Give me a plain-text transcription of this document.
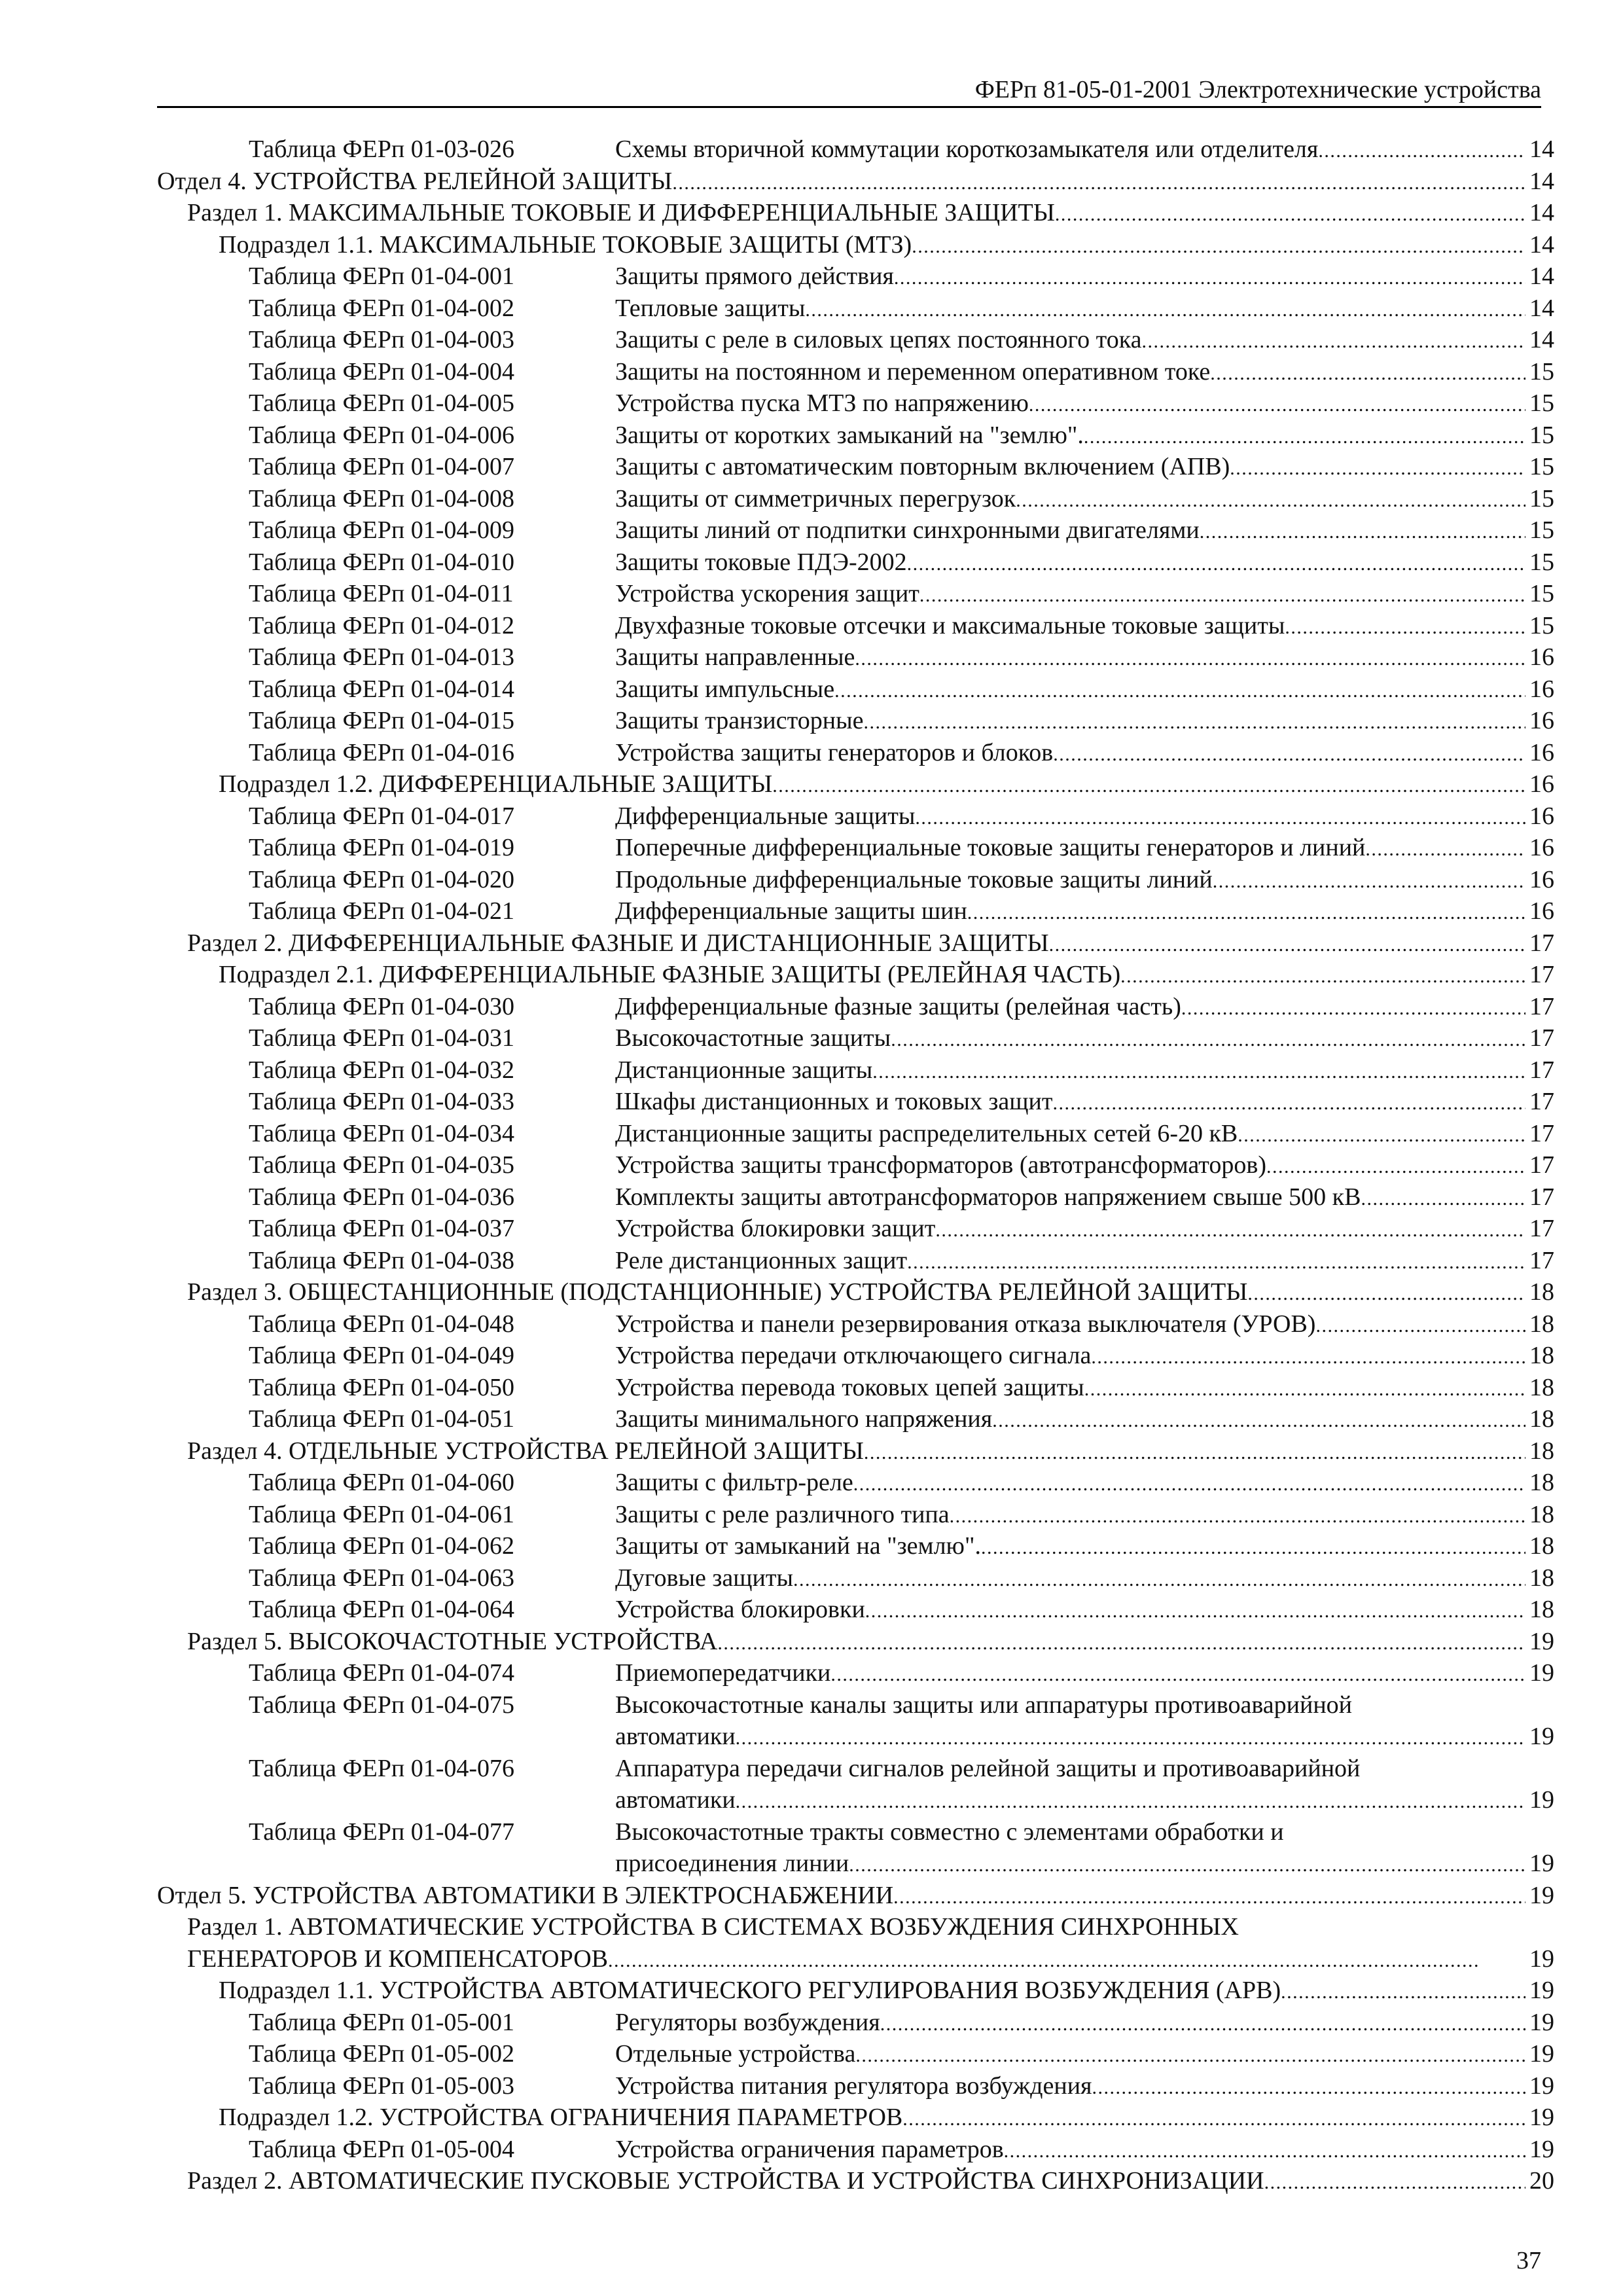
ФЕРп 81-05-01-2001 Электротехнические устройства
Таблица ФЕРп 01-03-026	Схемы вторичной коммутации короткозамыкателя или отделителя . . .	14
Отдел 4. УСТРОЙСТВА РЕЛЕЙНОЙ ЗАЩИТЫ . . .	14
Раздел 1. МАКСИМАЛЬНЫЕ ТОКОВЫЕ И ДИФФЕРЕНЦИАЛЬНЫЕ ЗАЩИТЫ . . .	14
Подраздел 1.1. МАКСИМАЛЬНЫЕ ТОКОВЫЕ ЗАЩИТЫ (МТЗ) . . .	14
Таблица ФЕРп 01-04-001	Защиты прямого действия . . .	14
Таблица ФЕРп 01-04-002	Тепловые защиты . . .	14
Таблица ФЕРп 01-04-003	Защиты с реле в силовых цепях постоянного тока . . .	14
Таблица ФЕРп 01-04-004	Защиты на постоянном и переменном оперативном токе . . .	15
Таблица ФЕРп 01-04-005	Устройства пуска МТЗ по напряжению . . .	15
Таблица ФЕРп 01-04-006	Защиты от коротких замыканий на "землю". . . .	15
Таблица ФЕРп 01-04-007	Защиты с автоматическим повторным включением (АПВ) . . .	15
Таблица ФЕРп 01-04-008	Защиты от симметричных перегрузок . . .	15
Таблица ФЕРп 01-04-009	Защиты линий от подпитки синхронными двигателями . . .	15
Таблица ФЕРп 01-04-010	Защиты токовые ПДЭ-2002 . . .	15
Таблица ФЕРп 01-04-011	Устройства ускорения защит . . .	15
Таблица ФЕРп 01-04-012	Двухфазные токовые отсечки и максимальные токовые защиты . . .	15
Таблица ФЕРп 01-04-013	Защиты направленные . . .	16
Таблица ФЕРп 01-04-014	Защиты импульсные . . .	16
Таблица ФЕРп 01-04-015	Защиты транзисторные . . .	16
Таблица ФЕРп 01-04-016	Устройства защиты генераторов и блоков . . .	16
Подраздел 1.2. ДИФФЕРЕНЦИАЛЬНЫЕ ЗАЩИТЫ . . .	16
Таблица ФЕРп 01-04-017	Дифференциальные защиты . . .	16
Таблица ФЕРп 01-04-019	Поперечные дифференциальные токовые защиты генераторов и линий . . .	16
Таблица ФЕРп 01-04-020	Продольные дифференциальные токовые защиты линий . . .	16
Таблица ФЕРп 01-04-021	Дифференциальные защиты шин . . .	16
Раздел 2. ДИФФЕРЕНЦИАЛЬНЫЕ ФАЗНЫЕ И ДИСТАНЦИОННЫЕ ЗАЩИТЫ . . .	17
Подраздел 2.1. ДИФФЕРЕНЦИАЛЬНЫЕ ФАЗНЫЕ ЗАЩИТЫ (РЕЛЕЙНАЯ ЧАСТЬ) . . .	17
Таблица ФЕРп 01-04-030	Дифференциальные фазные защиты (релейная часть) . . .	17
Таблица ФЕРп 01-04-031	Высокочастотные защиты . . .	17
Таблица ФЕРп 01-04-032	Дистанционные защиты . . .	17
Таблица ФЕРп 01-04-033	Шкафы дистанционных и токовых защит . . .	17
Таблица ФЕРп 01-04-034	Дистанционные защиты распределительных сетей 6-20 кВ . . .	17
Таблица ФЕРп 01-04-035	Устройства защиты трансформаторов (автотрансформаторов) . . .	17
Таблица ФЕРп 01-04-036	Комплекты защиты автотрансформаторов напряжением свыше 500 кВ . . .	17
Таблица ФЕРп 01-04-037	Устройства блокировки защит . . .	17
Таблица ФЕРп 01-04-038	Реле дистанционных защит . . .	17
Раздел 3. ОБЩЕСТАНЦИОННЫЕ (ПОДСТАНЦИОННЫЕ) УСТРОЙСТВА РЕЛЕЙНОЙ ЗАЩИТЫ . . .	18
Таблица ФЕРп 01-04-048	Устройства и панели резервирования отказа выключателя (УРОВ) . . .	18
Таблица ФЕРп 01-04-049	Устройства передачи отключающего сигнала . . .	18
Таблица ФЕРп 01-04-050	Устройства перевода токовых цепей защиты . . .	18
Таблица ФЕРп 01-04-051	Защиты минимального напряжения . . .	18
Раздел 4. ОТДЕЛЬНЫЕ УСТРОЙСТВА РЕЛЕЙНОЙ ЗАЩИТЫ . . .	18
Таблица ФЕРп 01-04-060	Защиты с фильтр-реле . . .	18
Таблица ФЕРп 01-04-061	Защиты с реле различного типа . . .	18
Таблица ФЕРп 01-04-062	Защиты от замыканий на "землю". . . .	18
Таблица ФЕРп 01-04-063	Дуговые защиты . . .	18
Таблица ФЕРп 01-04-064	Устройства блокировки . . .	18
Раздел 5. ВЫСОКОЧАСТОТНЫЕ УСТРОЙСТВА . . .	19
Таблица ФЕРп 01-04-074	Приемопередатчики . . .	19
Таблица ФЕРп 01-04-075	Высокочастотные каналы защиты или аппаратуры противоаварийной
автоматики . . .	19
Таблица ФЕРп 01-04-076	Аппаратура передачи сигналов релейной защиты и противоаварийной
автоматики . . .	19
Таблица ФЕРп 01-04-077	Высокочастотные тракты совместно с элементами обработки и
присоединения линии . . .	19
Отдел 5. УСТРОЙСТВА АВТОМАТИКИ В ЭЛЕКТРОСНАБЖЕНИИ . . .	19
Раздел 1. АВТОМАТИЧЕСКИЕ УСТРОЙСТВА В СИСТЕМАХ ВОЗБУЖДЕНИЯ СИНХРОННЫХ
ГЕНЕРАТОРОВ И КОМПЕНСАТОРОВ . . .	19
Подраздел 1.1. УСТРОЙСТВА АВТОМАТИЧЕСКОГО РЕГУЛИРОВАНИЯ ВОЗБУЖДЕНИЯ (АРВ) . . .	19
Таблица ФЕРп 01-05-001	Регуляторы возбуждения . . .	19
Таблица ФЕРп 01-05-002	Отдельные устройства . . .	19
Таблица ФЕРп 01-05-003	Устройства питания регулятора возбуждения . . .	19
Подраздел 1.2. УСТРОЙСТВА ОГРАНИЧЕНИЯ ПАРАМЕТРОВ . . .	19
Таблица ФЕРп 01-05-004	Устройства ограничения параметров . . .	19
Раздел 2. АВТОМАТИЧЕСКИЕ ПУСКОВЫЕ УСТРОЙСТВА И УСТРОЙСТВА СИНХРОНИЗАЦИИ . . .	20
37
